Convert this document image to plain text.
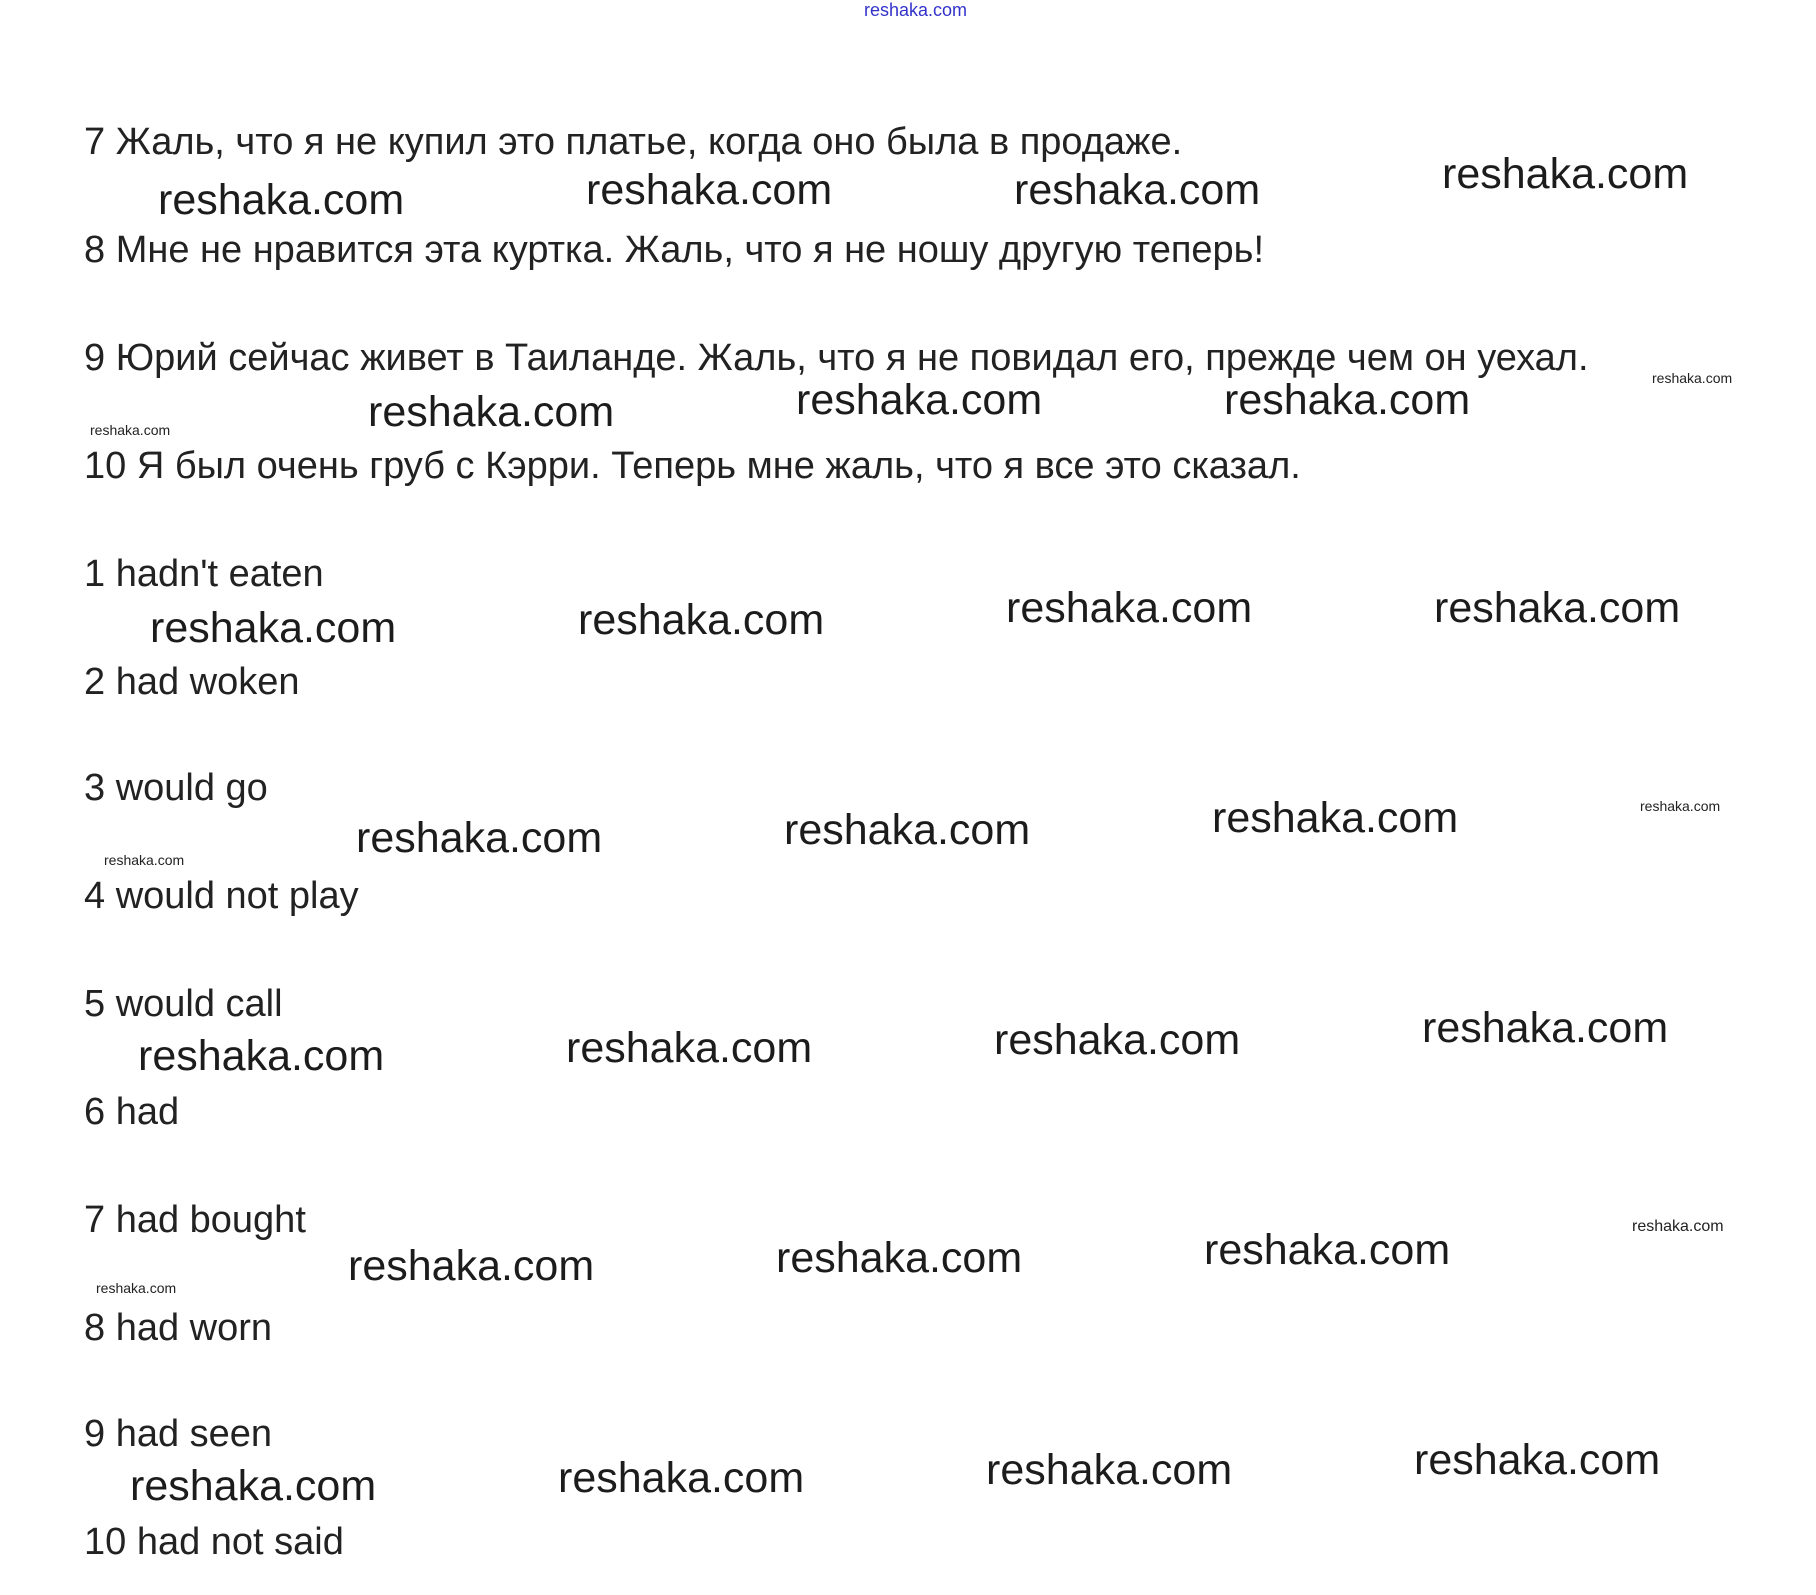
reshaka.com
7 Жаль, что я не купил это платье, когда оно была в продаже.
8 Мне не нравится эта куртка. Жаль, что я не ношу другую теперь!
9 Юрий сейчас живет в Таиланде. Жаль, что я не повидал его, прежде чем он уехал.
10 Я был очень груб с Кэрри. Теперь мне жаль, что я все это сказал.
1 hadn't eaten
2 had woken
3 would go
4 would not play
5 would call
6 had
7 had bought
8 had worn
9 had seen
10 had not said
reshaka.com	reshaka.com	reshaka.com	reshaka.com
reshaka.com
reshaka.com	reshaka.com	reshaka.com	reshaka.com
reshaka.com	reshaka.com	reshaka.com	reshaka.com
reshaka.com
reshaka.com	reshaka.com	reshaka.com	reshaka.com
reshaka.com	reshaka.com	reshaka.com	reshaka.com
reshaka.com
reshaka.com	reshaka.com	reshaka.com	reshaka.com
reshaka.com	reshaka.com	reshaka.com	reshaka.com
